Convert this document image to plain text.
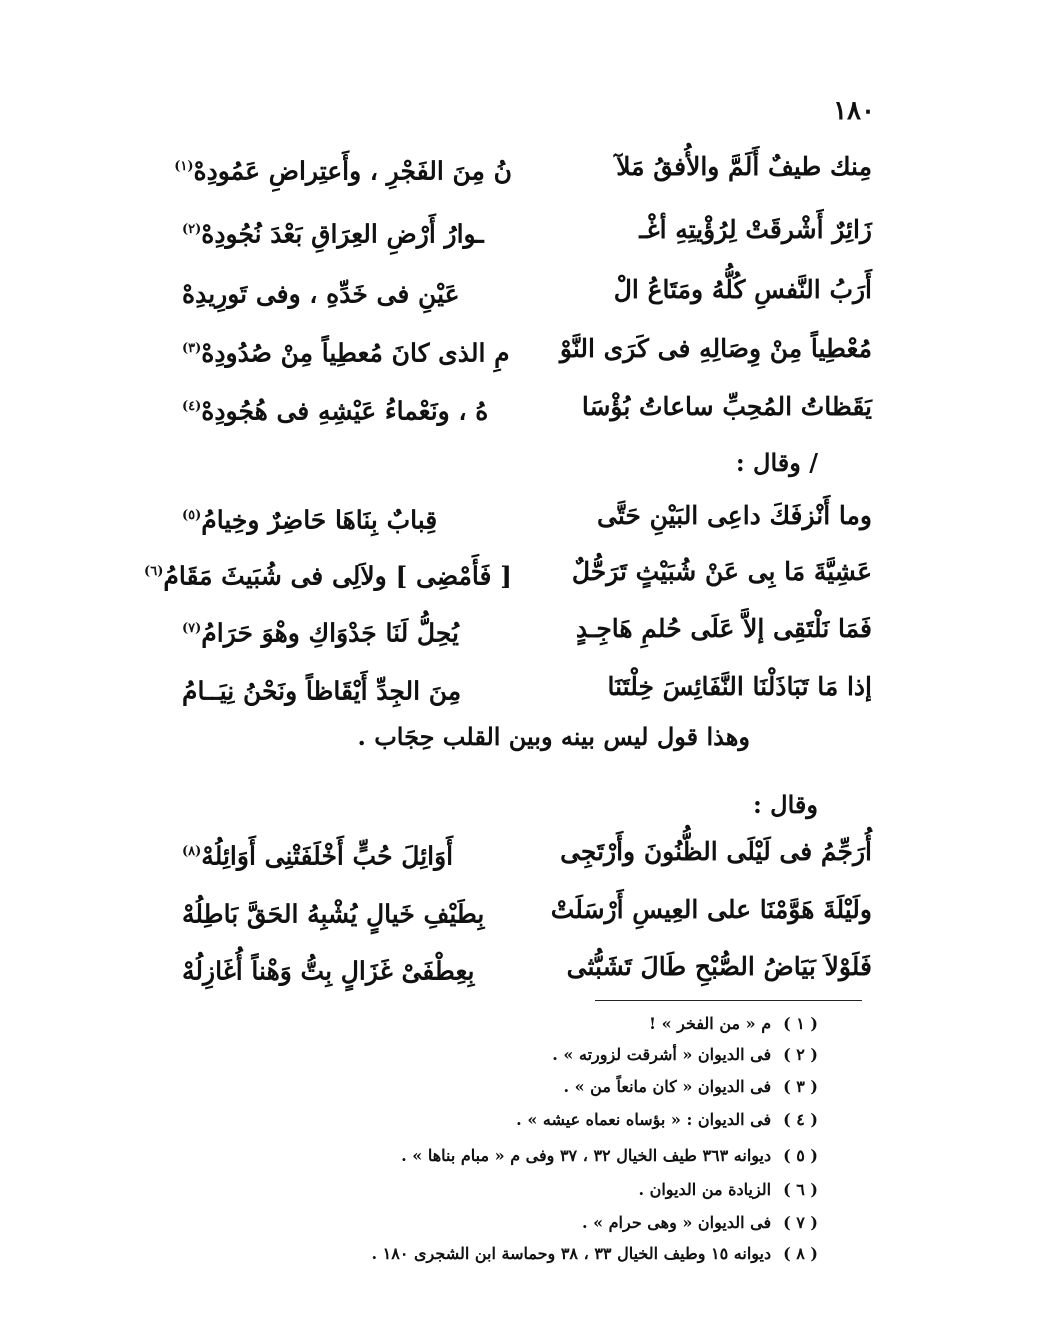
١٨٠
مِنك طيفٌ أَلَمَّ والأُفقُ مَلآ
نُ مِنَ الفَجْرِ ، وأَعتِراضِ عَمُودِهْ$^{(١)}$
زَائِرٌ أَشْرقَتْ لِرُؤْيتِهِ أغْـ
ـوارُ أَرْضِ العِرَاقِ بَعْدَ نُجُودِهْ$^{(٢)}$
أَرَبُ النَّفسِ كُلُّهُ ومَتَاعُ الْ
عَيْنِ فى خَدِّهِ ، وفى تَورِيدِهْ
مُعْطِياً مِنْ وِصَالِهِ فى كَرَى النَّوْ
مِ الذى كانَ مُعطِياً مِنْ صُدُودِهْ$^{(٣)}$
يَقَظاتُ المُحِبِّ ساعاتُ بُؤْسَا
هُ ، ونَعْماءُ عَيْشِهِ فى هُجُودِهْ$^{(٤)}$
/ وقال :
وما أَنْزفَكَ داعِى البَيْنِ حَتَّى
قِبابٌ بِنَاهَا حَاضِرٌ وخِيامُ$^{(٥)}$
عَشِيَّةَ مَا بِى عَنْ شُبَيْثٍ تَرَحُّلٌ
[ فَأَمْضِى ] ولاَلِى فى شُبَيثَ مَقَامُ$^{(٦)}$
فَمَا نَلْتَقِى إلاَّ عَلَى حُلمِ هَاجِـدٍ
يُحِلُّ لَنَا جَدْوَاكِ وهْوَ حَرَامُ$^{(٧)}$
إذا مَا تَبَاذَلْنَا النَّفَائِسَ خِلْتَنَا
مِنَ الجِدِّ أَيْقَاظاً ونَحْنُ نِيَــامُ
وهذا قول ليس بينه وبين القلب حِجَاب .
وقال :
أُرَجِّمُ فى لَيْلَى الظُّنُونَ وأَرْتَجِى
أَوَائِلَ حُبٍّ أَخْلَفَتْنِى أَوَائِلُهْ$^{(٨)}$
ولَيْلَةَ هَوَّمْنَا على العِيسِ أَرْسَلَتْ
بِطَيْفِ خَيالٍ يُشْبِهُ الحَقَّ بَاطِلُهْ
فَلَوْلاَ بَيَاضُ الصُّبْحِ طَالَ تَشَبُّثى
بِعِطْفَىْ غَزَالٍ بِتُّ وَهْناً أُغَازِلُهْ
( ١ )م « من الفخر » !
( ٢ )فى الديوان « أشرقت لزورته » .
( ٣ )فى الديوان « كان مانعاً من » .
( ٤ )فى الديوان : « بؤساه نعماه عيشه » .
( ٥ )ديوانه ٣٦٣ طيف الخيال ٣٢ ، ٣٧ وفى م « مبام بناها » .
( ٦ )الزيادة من الديوان .
( ٧ )فى الديوان « وهى حرام » .
( ٨ )ديوانه ١٥ وطيف الخيال ٣٣ ، ٣٨ وحماسة ابن الشجرى ١٨٠ .
